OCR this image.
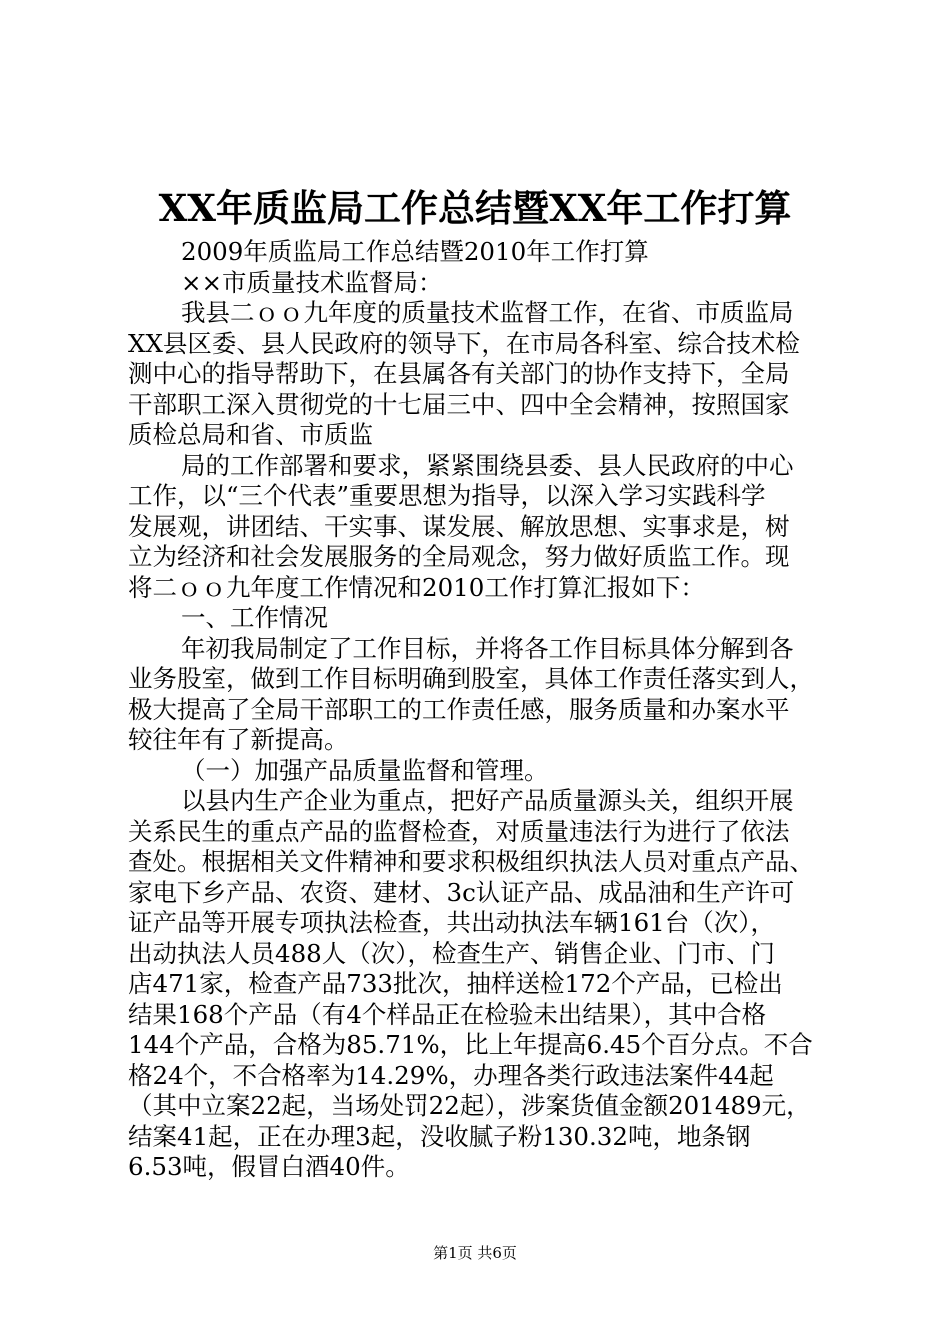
XX年质监局工作总结暨XX年工作打算
2009年质监局工作总结暨2010年工作打算
××市质量技术监督局：
我县二ｏｏ九年度的质量技术监督工作，在省、市质监局
XX县区委、县人民政府的领导下，在市局各科室、综合技术检
测中心的指导帮助下，在县属各有关部门的协作支持下，全局
干部职工深入贯彻党的十七届三中、四中全会精神，按照国家
质检总局和省、市质监
局的工作部署和要求，紧紧围绕县委、县人民政府的中心
工作，以“三个代表”重要思想为指导，以深入学习实践科学
发展观，讲团结、干实事、谋发展、解放思想、实事求是，树
立为经济和社会发展服务的全局观念，努力做好质监工作。现
将二ｏｏ九年度工作情况和2010工作打算汇报如下：
一、工作情况
年初我局制定了工作目标，并将各工作目标具体分解到各
业务股室，做到工作目标明确到股室，具体工作责任落实到人，
极大提高了全局干部职工的工作责任感，服务质量和办案水平
较往年有了新提高。
（一）加强产品质量监督和管理。
以县内生产企业为重点，把好产品质量源头关，组织开展
关系民生的重点产品的监督检查，对质量违法行为进行了依法
查处。根据相关文件精神和要求积极组织执法人员对重点产品、
家电下乡产品、农资、建材、3c认证产品、成品油和生产许可
证产品等开展专项执法检查，共出动执法车辆161台（次），
出动执法人员488人（次），检查生产、销售企业、门市、门
店471家，检查产品733批次，抽样送检172个产品，已检出
结果168个产品（有4个样品正在检验未出结果），其中合格
144个产品，合格为85.71%，比上年提高6.45个百分点。不合
格24个，不合格率为14.29%，办理各类行政违法案件44起
（其中立案22起，当场处罚22起），涉案货值金额201489元，
结案41起，正在办理3起，没收腻子粉130.32吨，地条钢
6.53吨，假冒白酒40件。
第1页 共6页
